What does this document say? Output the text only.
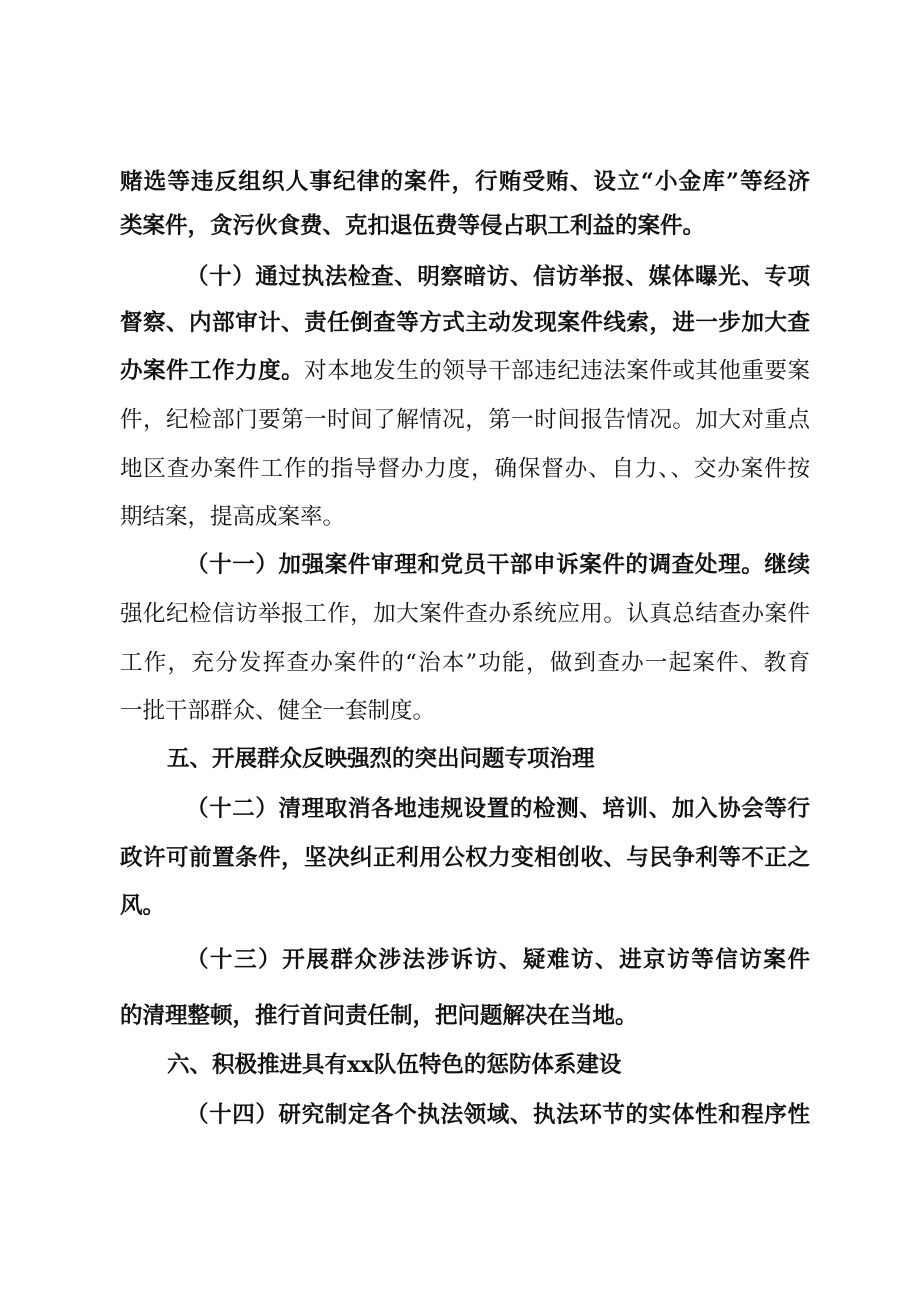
赌选等违反组织人事纪律的案件，行贿受贿、设立“小金库”等经济
类案件，贪污伙食费、克扣退伍费等侵占职工利益的案件。
（十）通过执法检查、明察暗访、信访举报、媒体曝光、专项
督察、内部审计、责任倒查等方式主动发现案件线索，进一步加大查
办案件工作力度。对本地发生的领导干部违纪违法案件或其他重要案
件，纪检部门要第一时间了解情况，第一时间报告情况。加大对重点
地区查办案件工作的指导督办力度，确保督办、自力、、交办案件按
期结案，提高成案率。
（十一）加强案件审理和党员干部申诉案件的调查处理。继续
强化纪检信访举报工作，加大案件查办系统应用。认真总结查办案件
工作，充分发挥查办案件的“治本”功能，做到查办一起案件、教育
一批干部群众、健全一套制度。
五、开展群众反映强烈的突出问题专项治理
（十二）清理取消各地违规设置的检测、培训、加入协会等行
政许可前置条件，坚决纠正利用公权力变相创收、与民争利等不正之
风。
（十三）开展群众涉法涉诉访、疑难访、进京访等信访案件
的清理整顿，推行首问责任制，把问题解决在当地。
六、积极推进具有xx队伍特色的惩防体系建设
（十四）研究制定各个执法领域、执法环节的实体性和程序性
